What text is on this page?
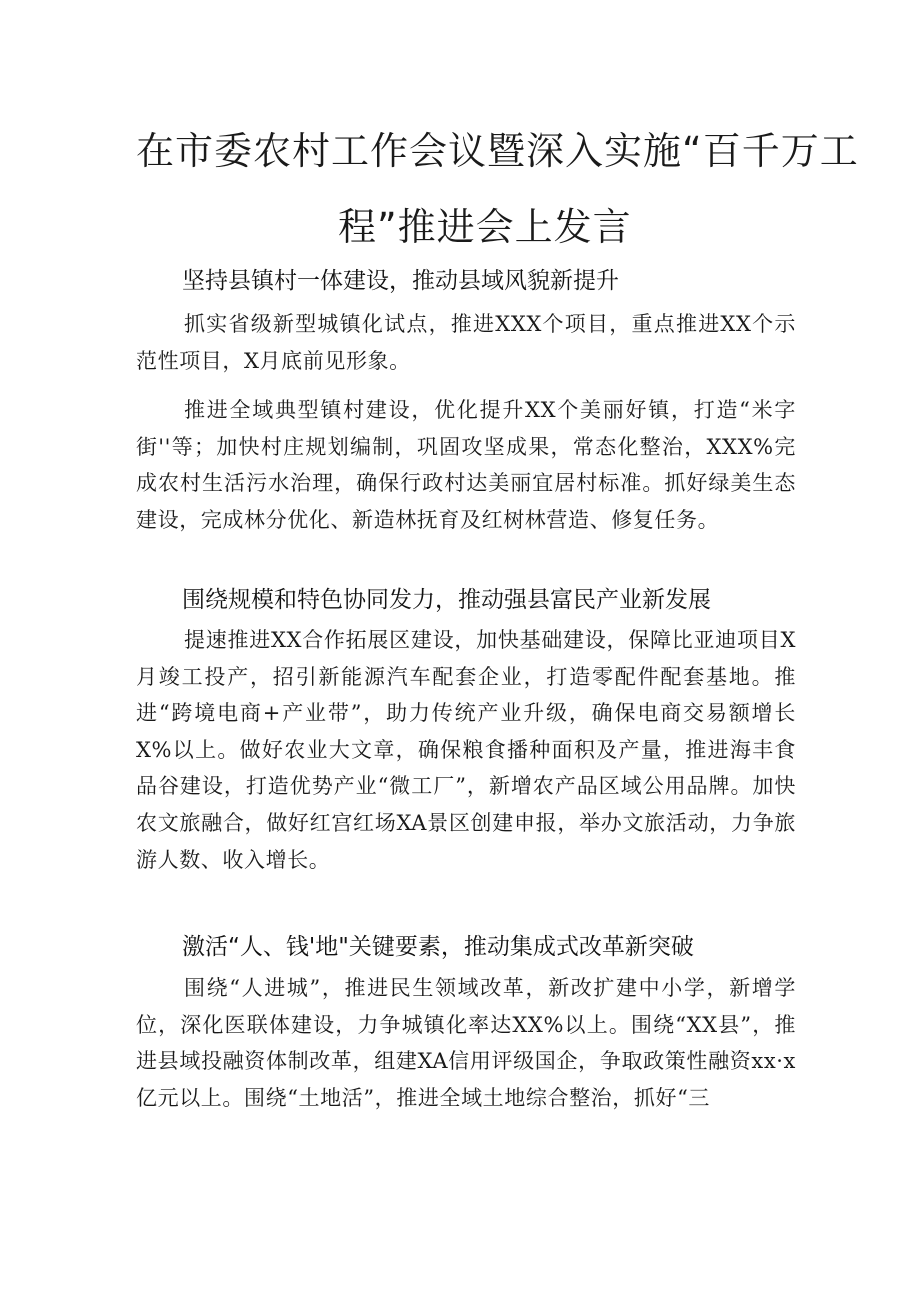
在市委农村工作会议暨深入实施“百千万工
程”推进会上发言
坚持县镇村一体建设，推动县域风貌新提升

抓实省级新型城镇化试点，推进XXX个项目，重点推进XX个示范性项目，X月底前见形象。

推进全域典型镇村建设，优化提升XX个美丽好镇，打造“米字街''等；加快村庄规划编制，巩固攻坚成果，常态化整治，XXX%完成农村生活污水治理，确保行政村达美丽宜居村标准。抓好绿美生态建设，完成林分优化、新造林抚育及红树林营造、修复任务。

围绕规模和特色协同发力，推动强县富民产业新发展

提速推进XX合作拓展区建设，加快基础建设，保障比亚迪项目X月竣工投产，招引新能源汽车配套企业，打造零配件配套基地。推进“跨境电商+产业带”，助力传统产业升级，确保电商交易额增长X%以上。做好农业大文章，确保粮食播种面积及产量，推进海丰食品谷建设，打造优势产业“微工厂”，新增农产品区域公用品牌。加快农文旅融合，做好红宫红场XA景区创建申报，举办文旅活动，力争旅游人数、收入增长。

激活“人、钱'地"关键要素，推动集成式改革新突破

围绕“人进城”，推进民生领域改革，新改扩建中小学，新增学位，深化医联体建设，力争城镇化率达XX%以上。围绕“XX县”，推进县域投融资体制改革，组建XA信用评级国企，争取政策性融资xx·x亿元以上。围绕“土地活”，推进全域土地综合整治，抓好“三
